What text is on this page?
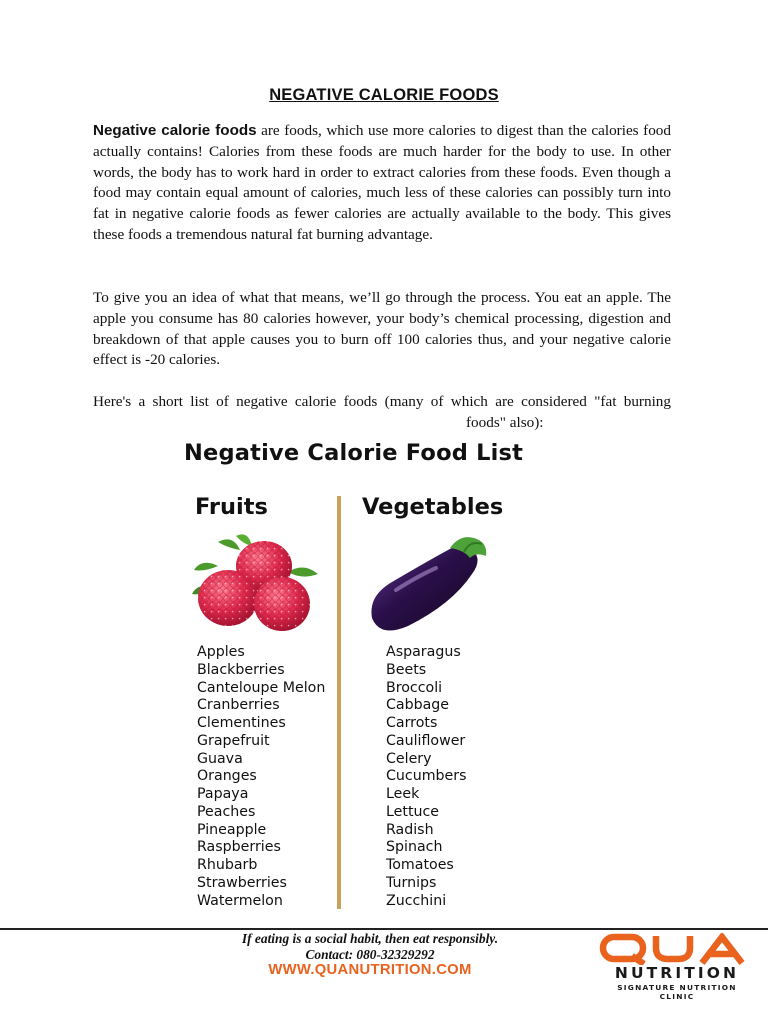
NEGATIVE CALORIE FOODS

Negative calorie foods are foods, which use more calories to digest than the calories food actually contains! Calories from these foods are much harder for the body to use. In other words, the body has to work hard in order to extract calories from these foods. Even though a food may contain equal amount of calories, much less of these calories can possibly turn into fat in negative calorie foods as fewer calories are actually available to the body. This gives these foods a tremendous natural fat burning advantage.

To give you an idea of what that means, we’ll go through the process. You eat an apple. The apple you consume has 80 calories however, your body’s chemical processing, digestion and breakdown of that apple causes you to burn off 100 calories thus, and your negative calorie effect is -20 calories.

Here's a short list of negative calorie foods (many of which are considered "fat burningfoods" also):

Negative Calorie Food List
Fruits	Vegetables
Apples
Blackberries
Canteloupe Melon
Cranberries
Clementines
Grapefruit
Guava
Oranges
Papaya
Peaches
Pineapple
Raspberries
Rhubarb
Strawberries
Watermelon
Asparagus
Beets
Broccoli
Cabbage
Carrots
Cauliflower
Celery
Cucumbers
Leek
Lettuce
Radish
Spinach
Tomatoes
Turnips
Zucchini
If eating is a social habit, then eat responsibly.
Contact: 080-32329292
WWW.QUANUTRITION.COM	NUTRITION
SIGNATURE NUTRITION CLINIC
